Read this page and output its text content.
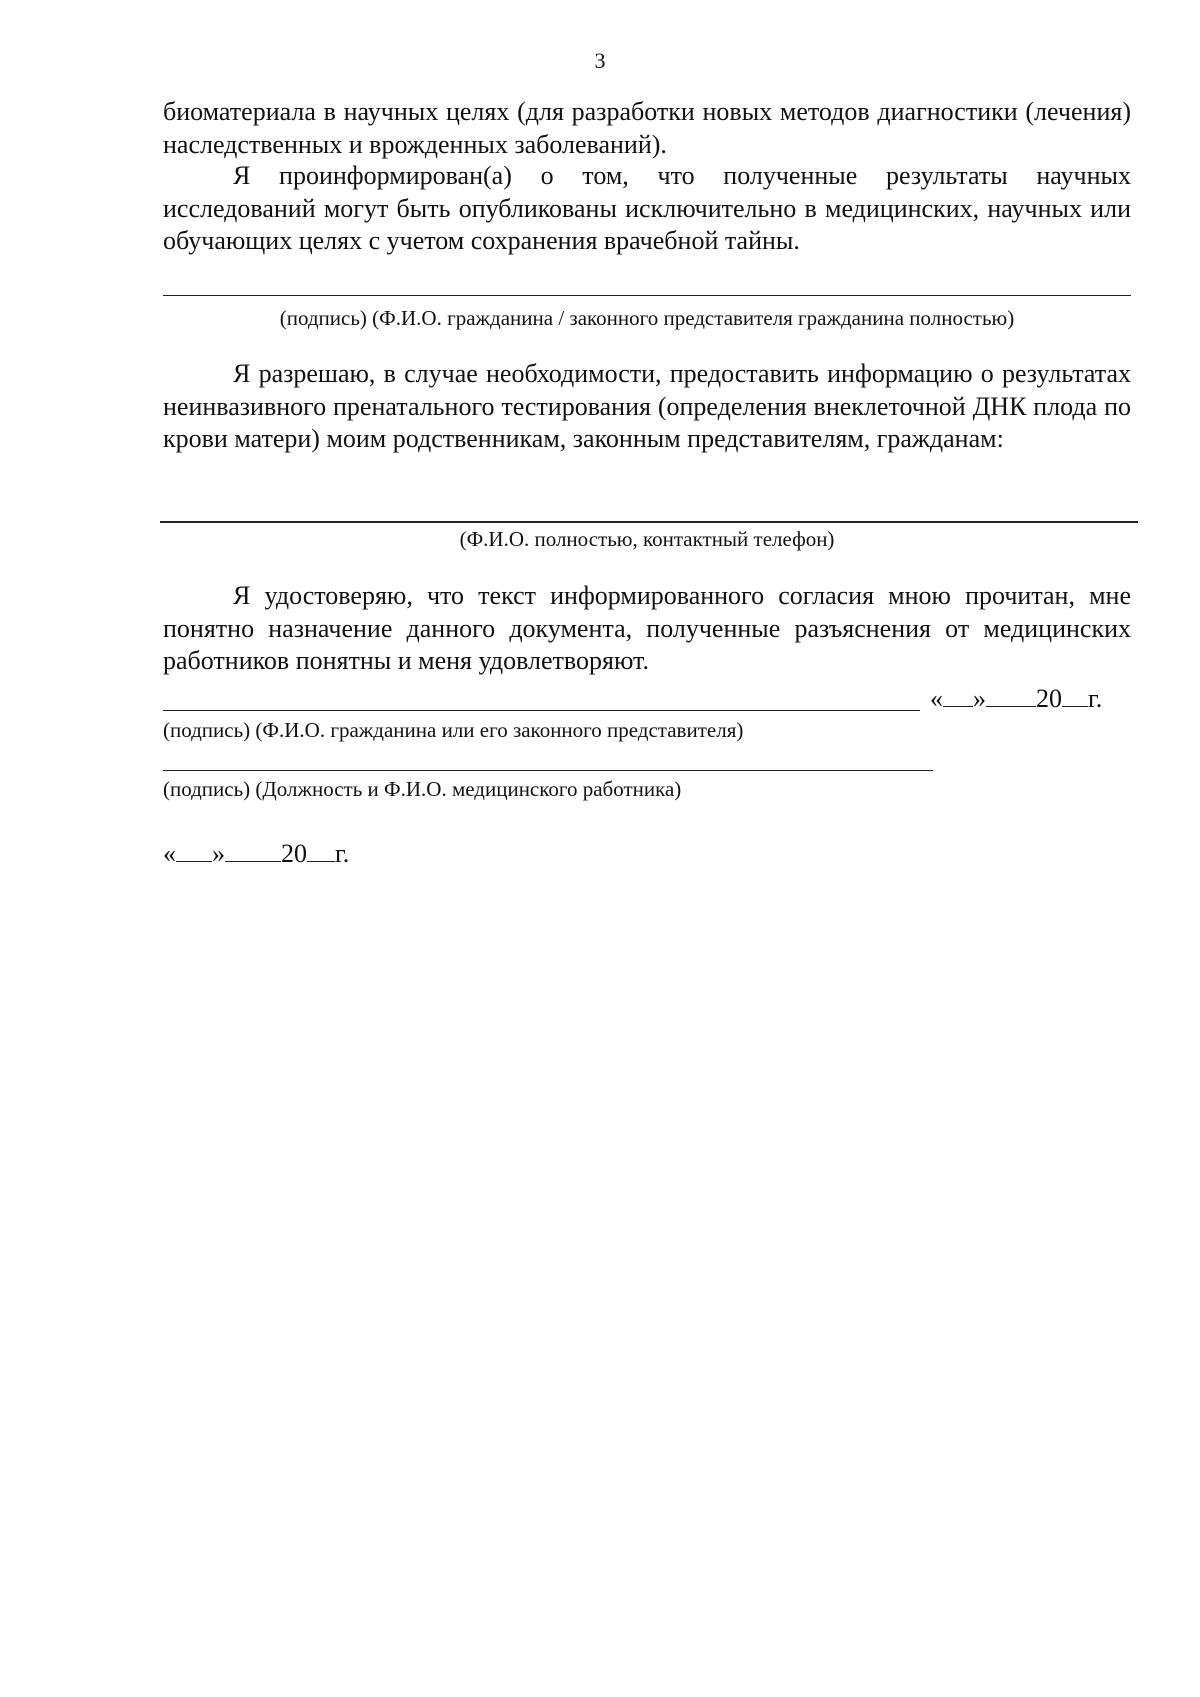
3

биоматериала в научных целях (для разработки новых методов диагностики (лечения) наследственных и врожденных заболеваний).

Я проинформирован(а) о том, что полученные результаты научных исследований могут быть опубликованы исключительно в медицинских, научных или обучающих целях с учетом сохранения врачебной тайны.

(подпись) (Ф.И.О. гражданина / законного представителя гражданина полностью)

Я разрешаю, в случае необходимости, предоставить информацию о результатах неинвазивного пренатального тестирования (определения внеклеточной ДНК плода по крови матери) моим родственникам, законным представителям, гражданам:

(Ф.И.О. полностью, контактный телефон)

Я удостоверяю, что текст информированного согласия мною прочитан, мне понятно назначение данного документа, полученные разъяснения от медицинских работников понятны и меня удовлетворяют.

« » 20 г.
(подпись) (Ф.И.О. гражданина или его законного представителя)
(подпись) (Должность и Ф.И.О. медицинского работника)
« » 20 г.
